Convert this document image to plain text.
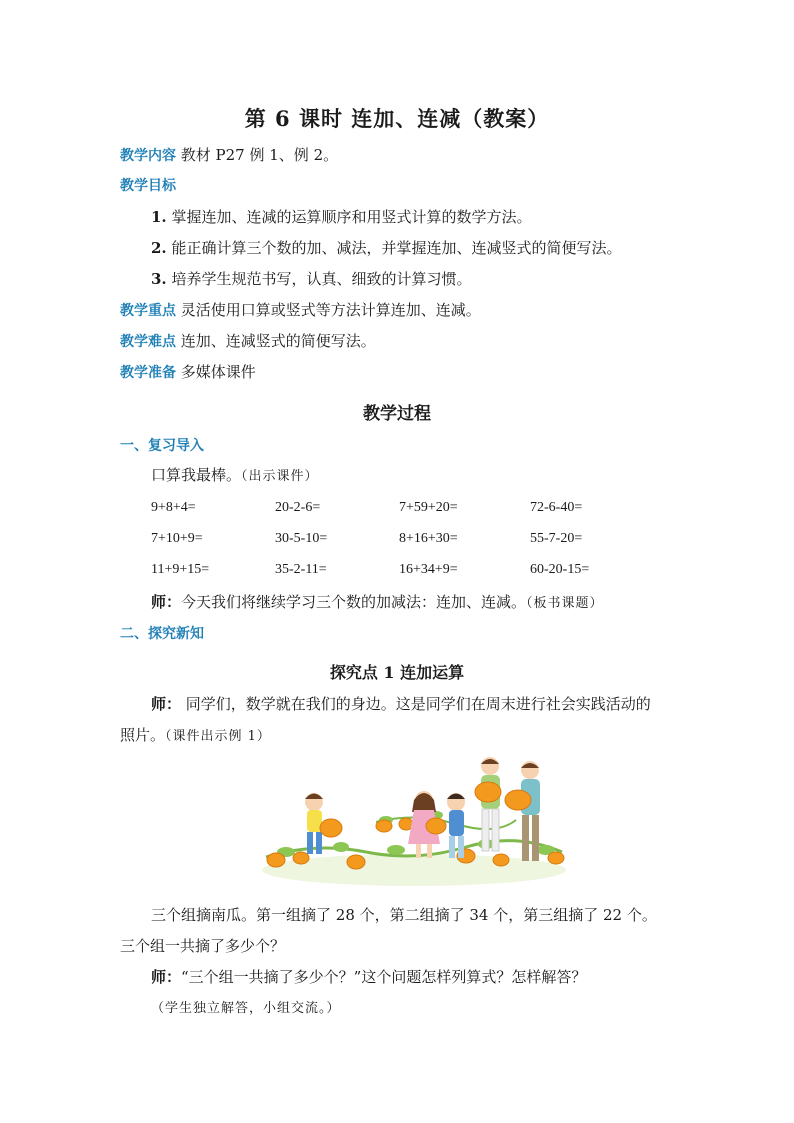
第 6 课时 连加、连减（教案）
教学内容 教材 P27 例 1、例 2。
教学目标
1. 掌握连加、连减的运算顺序和用竖式计算的数学方法。
2. 能正确计算三个数的加、减法，并掌握连加、连减竖式的简便写法。
3. 培养学生规范书写，认真、细致的计算习惯。
教学重点 灵活使用口算或竖式等方法计算连加、连减。
教学难点 连加、连减竖式的简便写法。
教学准备 多媒体课件
教学过程
一、复习导入
口算我最棒。（出示课件）
9+8+4=	20-2-6=	7+59+20=	72-6-40=
7+10+9=	30-5-10=	8+16+30=	55-7-20=
11+9+15=	35-2-11=	16+34+9=	60-20-15=
师：今天我们将继续学习三个数的加减法：连加、连减。（板书课题）
二、探究新知
探究点 1 连加运算
师： 同学们，数学就在我们的身边。这是同学们在周末进行社会实践活动的
照片。（课件出示例 1）
三个组摘南瓜。第一组摘了 28 个，第二组摘了 34 个，第三组摘了 22 个。
三个组一共摘了多少个？
师：“三个组一共摘了多少个？”这个问题怎样列算式？怎样解答？
（学生独立解答，小组交流。）
